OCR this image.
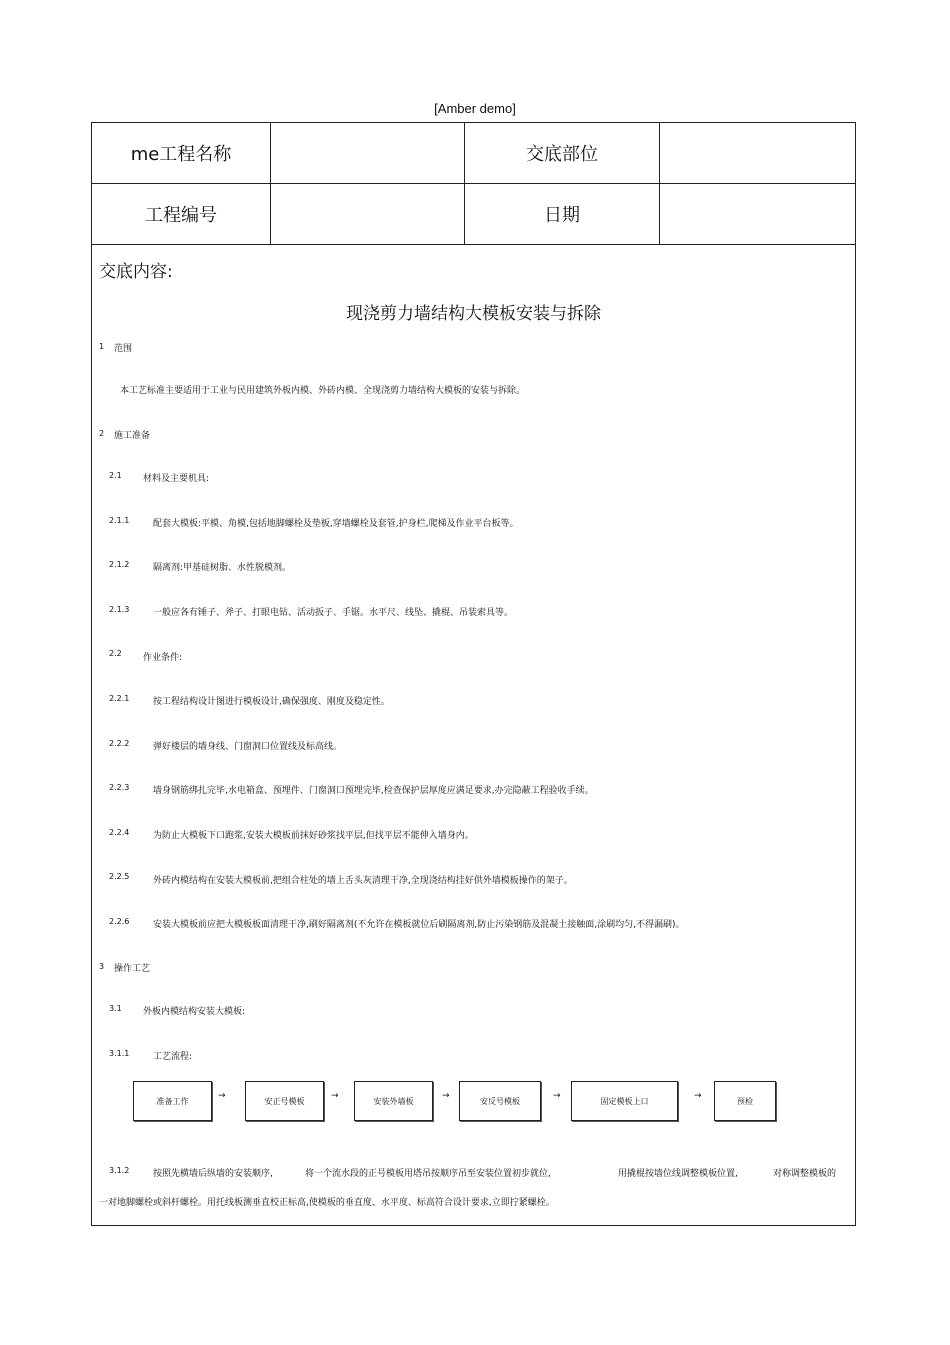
[Amber demo]
me工程名称	交底部位
工程编号	日期
交底内容:
现浇剪力墙结构大模板安装与拆除
1 范围
本工艺标准主要适用于工业与民用建筑外板内模、外砖内模、全现浇剪力墙结构大模板的安装与拆除。
2 施工准备
2.1 材料及主要机具:
2.1.1	配套大模板:平模、角模,包括地脚螺栓及垫板,穿墙螺栓及套管,护身栏,爬梯及作业平台板等。
2.1.2	隔离剂:甲基硅树脂、水性脱模剂。
2.1.3	一般应各有锤子、斧子、打眼电钻、活动扳子、手锯。水平尺、线坠、撬棍、吊装索具等。
2.2 作业条件:
2.2.1	按工程结构设计图进行模板设计,确保强度、刚度及稳定性。
2.2.2	弹好楼层的墙身线、门窗洞口位置线及标高线。
2.2.3	墙身钢筋绑扎完毕,水电箱盒、预埋件、门窗洞口预埋完毕,检查保护层厚度应满足要求,办完隐蔽工程验收手续。
2.2.4	为防止大模板下口跑浆,安装大模板前抹好砂浆找平层,但找平层不能伸入墙身内。
2.2.5	外砖内模结构在安装大模板前,把组合柱处的墙上舌头灰清理干净,全现浇结构挂好供外墙模板操作的架子。
2.2.6	安装大模板前应把大模板板面清理干净,刷好隔离剂(不允许在模板就位后刷隔离剂,防止污染钢筋及混凝土接触面,涂刷均匀,不得漏刷)。
3 操作工艺
3.1 外板内模结构安装大模板:
3.1.1	工艺流程:
准备工作	→	安正号模板	→	安装外墙板	→	安反号模板	→	固定模板上口	→	预检
3.1.2	按照先横墙后纵墙的安装顺序,	将一个流水段的正号模板用塔吊按顺序吊至安装位置初步就位,	用撬棍按墙位线调整模板位置,	对称调整模板的
一对地脚螺栓或斜杆螺栓。用托线板测垂直校正标高,使模板的垂直度、水平度、标高符合设计要求,立即拧紧螺栓。
